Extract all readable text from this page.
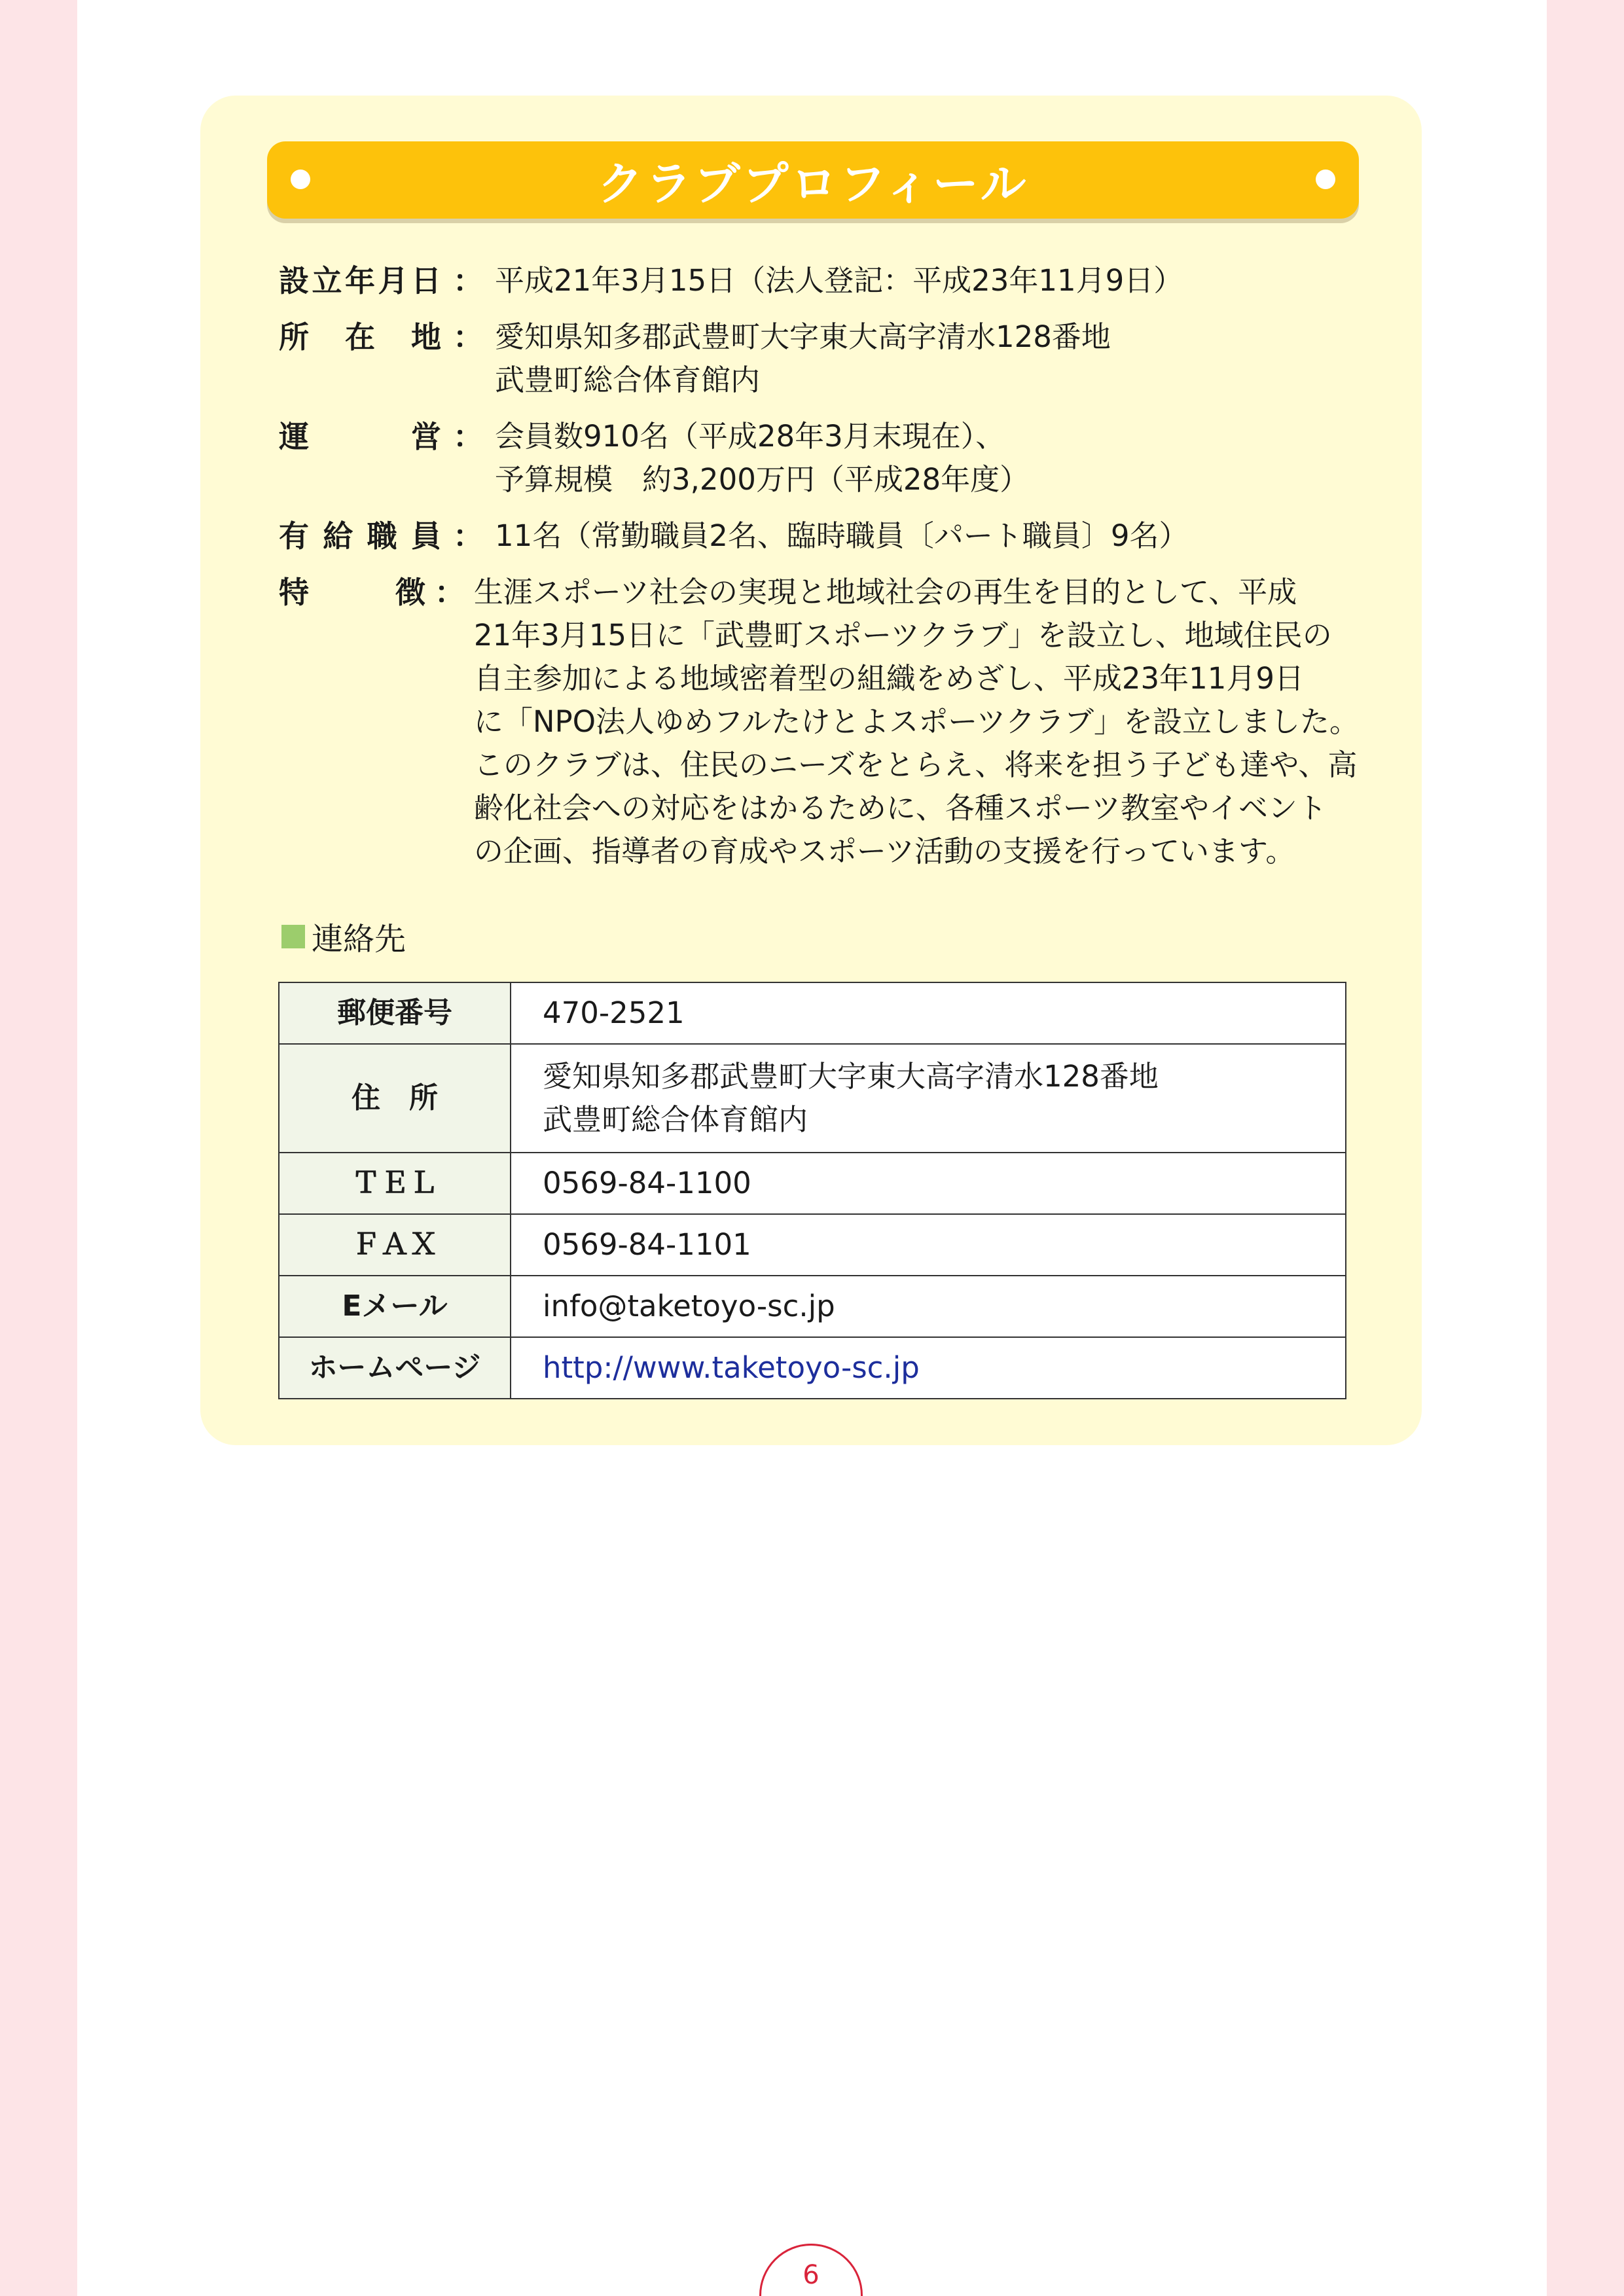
クラブプロフィール
設 立 年 月 日 ： 平成21年3月15日（法人登記：平成23年11月9日）
所 在 地 ： 愛知県知多郡武豊町大字東大高字清水128番地
武豊町総合体育館内
運	営 ： 会員数910名（平成28年3月末現在）、
予算規模　約3,200万円（平成28年度）
有 給 職 員 ： 11名（常勤職員2名、臨時職員〔パート職員〕9名）
特	徴 ： 生涯スポーツ社会の実現と地域社会の再生を目的として、平成
21年3月15日に「武豊町スポーツクラブ」を設立し、地域住民の
自主参加による地域密着型の組織をめざし、平成23年11月9日
に「NPO法人ゆめフルたけとよスポーツクラブ」を設立しました。
このクラブは、住民のニーズをとらえ、将来を担う子ども達や、高
齢化社会への対応をはかるために、各種スポーツ教室やイベント
の企画、指導者の育成やスポーツ活動の支援を行っています。
連絡先
郵便番号	470-2521
住　所	愛知県知多郡武豊町大字東大高字清水128番地
武豊町総合体育館内

ＴＥＬ	0569-84-1100
ＦＡＸ	0569-84-1101
Eメール	info@taketoyo-sc.jp
ホームページ	http://www.taketoyo-sc.jp
6
